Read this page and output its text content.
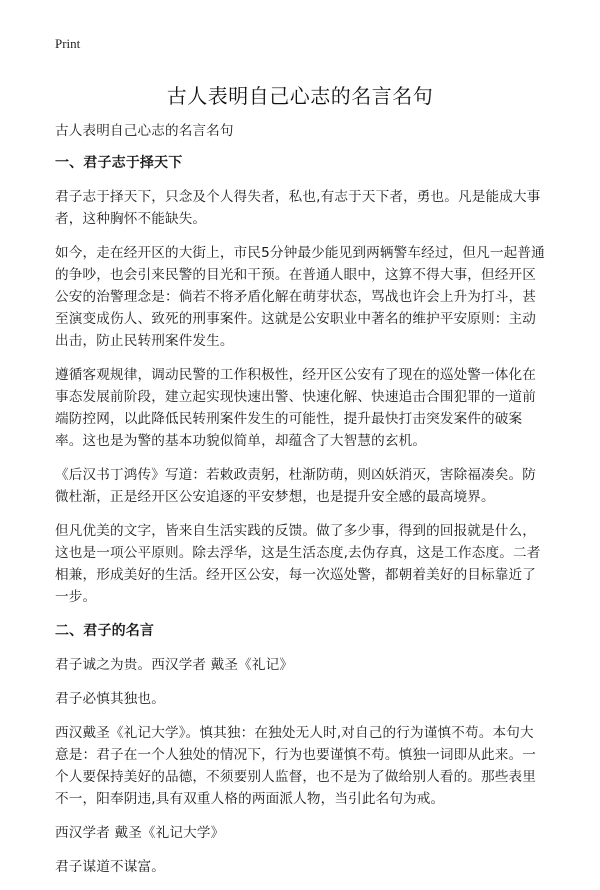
Print
古人表明自己心志的名言名句

古人表明自己心志的名言名句

一、君子志于择天下

君子志于择天下，只念及个人得失者，私也,有志于天下者，勇也。凡是能成大事者，这种胸怀不能缺失。

如今，走在经开区的大街上，市民5分钟最少能见到两辆警车经过，但凡一起普通的争吵，也会引来民警的目光和干预。在普通人眼中，这算不得大事，但经开区公安的治警理念是：倘若不将矛盾化解在萌芽状态，骂战也许会上升为打斗，甚至演变成伤人、致死的刑事案件。这就是公安职业中著名的维护平安原则：主动出击，防止民转刑案件发生。

遵循客观规律，调动民警的工作积极性，经开区公安有了现在的巡处警一体化在事态发展前阶段，建立起实现快速出警、快速化解、快速追击合围犯罪的一道前端防控网，以此降低民转刑案件发生的可能性，提升最快打击突发案件的破案率。这也是为警的基本功貌似简单，却蕴含了大智慧的玄机。

《后汉书丁鸿传》写道：若敕政责躬，杜渐防萌，则凶妖消灭，害除福凑矣。防微杜渐，正是经开区公安追逐的平安梦想，也是提升安全感的最高境界。

但凡优美的文字，皆来自生活实践的反馈。做了多少事，得到的回报就是什么，这也是一项公平原则。除去浮华，这是生活态度,去伪存真，这是工作态度。二者相兼，形成美好的生活。经开区公安，每一次巡处警，都朝着美好的目标靠近了一步。

二、君子的名言

君子诚之为贵。西汉学者 戴圣《礼记》

君子必慎其独也。

西汉戴圣《礼记大学》。慎其独：在独处无人时,对自己的行为谨慎不苟。本句大意是：君子在一个人独处的情况下，行为也要谨慎不苟。慎独一词即从此来。一个人要保持美好的品德，不须要别人监督，也不是为了做给别人看的。那些表里不一，阳奉阴违,具有双重人格的两面派人物，当引此名句为戒。

西汉学者 戴圣《礼记大学》

君子谋道不谋富。
